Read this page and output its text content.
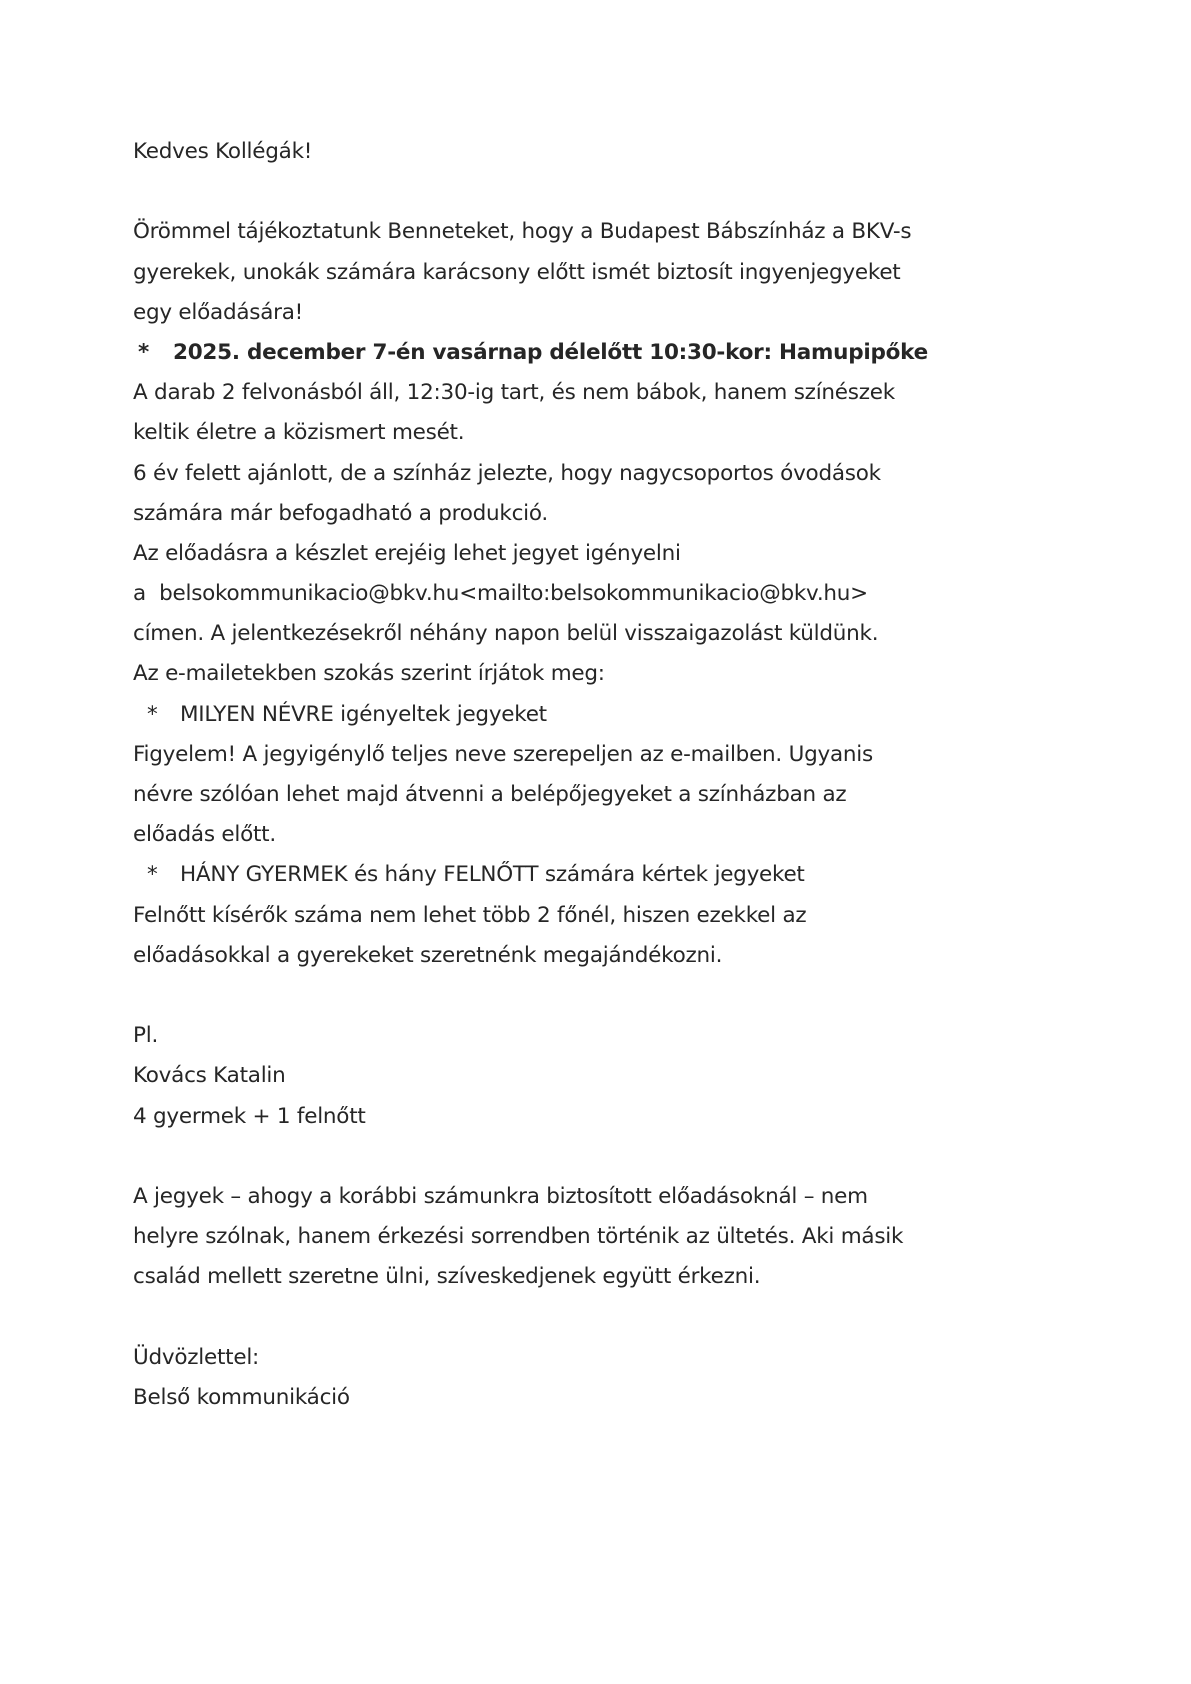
Kedves Kollégák!
Örömmel tájékoztatunk Benneteket, hogy a Budapest Bábszínház a BKV-s
gyerekek, unokák számára karácsony előtt ismét biztosít ingyenjegyeket
egy előadására!
* 2025. december 7-én vasárnap délelőtt 10:30-kor: Hamupipőke
A darab 2 felvonásból áll, 12:30-ig tart, és nem bábok, hanem színészek
keltik életre a közismert mesét.
6 év felett ajánlott, de a színház jelezte, hogy nagycsoportos óvodások
számára már befogadható a produkció.
Az előadásra a készlet erejéig lehet jegyet igényelni
a  belsokommunikacio@bkv.hu<mailto:belsokommunikacio@bkv.hu>
címen. A jelentkezésekről néhány napon belül visszaigazolást küldünk.
Az e-mailetekben szokás szerint írjátok meg:
* MILYEN NÉVRE igényeltek jegyeket
Figyelem! A jegyigénylő teljes neve szerepeljen az e-mailben. Ugyanis
névre szólóan lehet majd átvenni a belépőjegyeket a színházban az
előadás előtt.
* HÁNY GYERMEK és hány FELNŐTT számára kértek jegyeket
Felnőtt kísérők száma nem lehet több 2 főnél, hiszen ezekkel az
előadásokkal a gyerekeket szeretnénk megajándékozni.
Pl.
Kovács Katalin
4 gyermek + 1 felnőtt
A jegyek – ahogy a korábbi számunkra biztosított előadásoknál – nem
helyre szólnak, hanem érkezési sorrendben történik az ültetés. Aki másik
család mellett szeretne ülni, szíveskedjenek együtt érkezni.
Üdvözlettel:
Belső kommunikáció
